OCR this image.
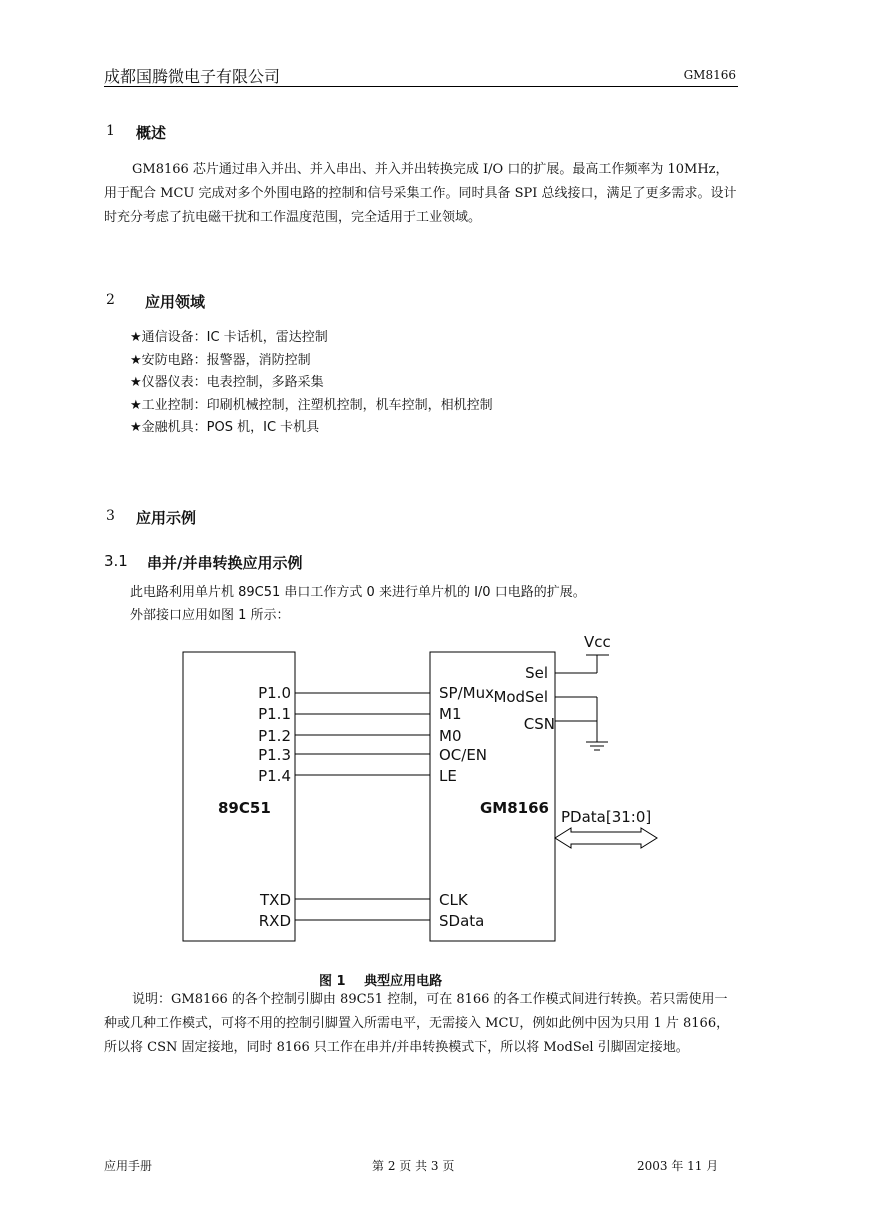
成都国腾微电子有限公司	GM8166
1 概述
GM8166 芯片通过串入并出、并入串出、并入并出转换完成 I/O 口的扩展。最高工作频率为 10MHz，用于配合 MCU 完成对多个外围电路的控制和信号采集工作。同时具备 SPI 总线接口，满足了更多需求。设计时充分考虑了抗电磁干扰和工作温度范围，完全适用于工业领域。
2 应用领域
★通信设备：IC 卡话机，雷达控制
★安防电路：报警器，消防控制
★仪器仪表：电表控制，多路采集
★工业控制：印刷机械控制，注塑机控制，机车控制，相机控制
★金融机具：POS 机，IC 卡机具
3 应用示例
3.1 串并/并串转换应用示例
此电路利用单片机 89C51 串口工作方式 0 来进行单片机的 I/0 口电路的扩展。
外部接口应用如图 1 所示：
P1.0
P1.1
P1.2
P1.3
P1.4
TXD
RXD
SP/Mux
M1
M0
OC/EN
LE
CLK
SData
Sel
ModSel
CSN
Vcc
PData[31:0]
89C51	GM8166
图 1 典型应用电路
说明：GM8166 的各个控制引脚由 89C51 控制，可在 8166 的各工作模式间进行转换。若只需使用一种或几种工作模式，可将不用的控制引脚置入所需电平，无需接入 MCU，例如此例中因为只用 1 片 8166，所以将 CSN 固定接地，同时 8166 只工作在串并/并串转换模式下，所以将 ModSel 引脚固定接地。
应用手册	第 2 页 共 3 页	2003 年 11 月
